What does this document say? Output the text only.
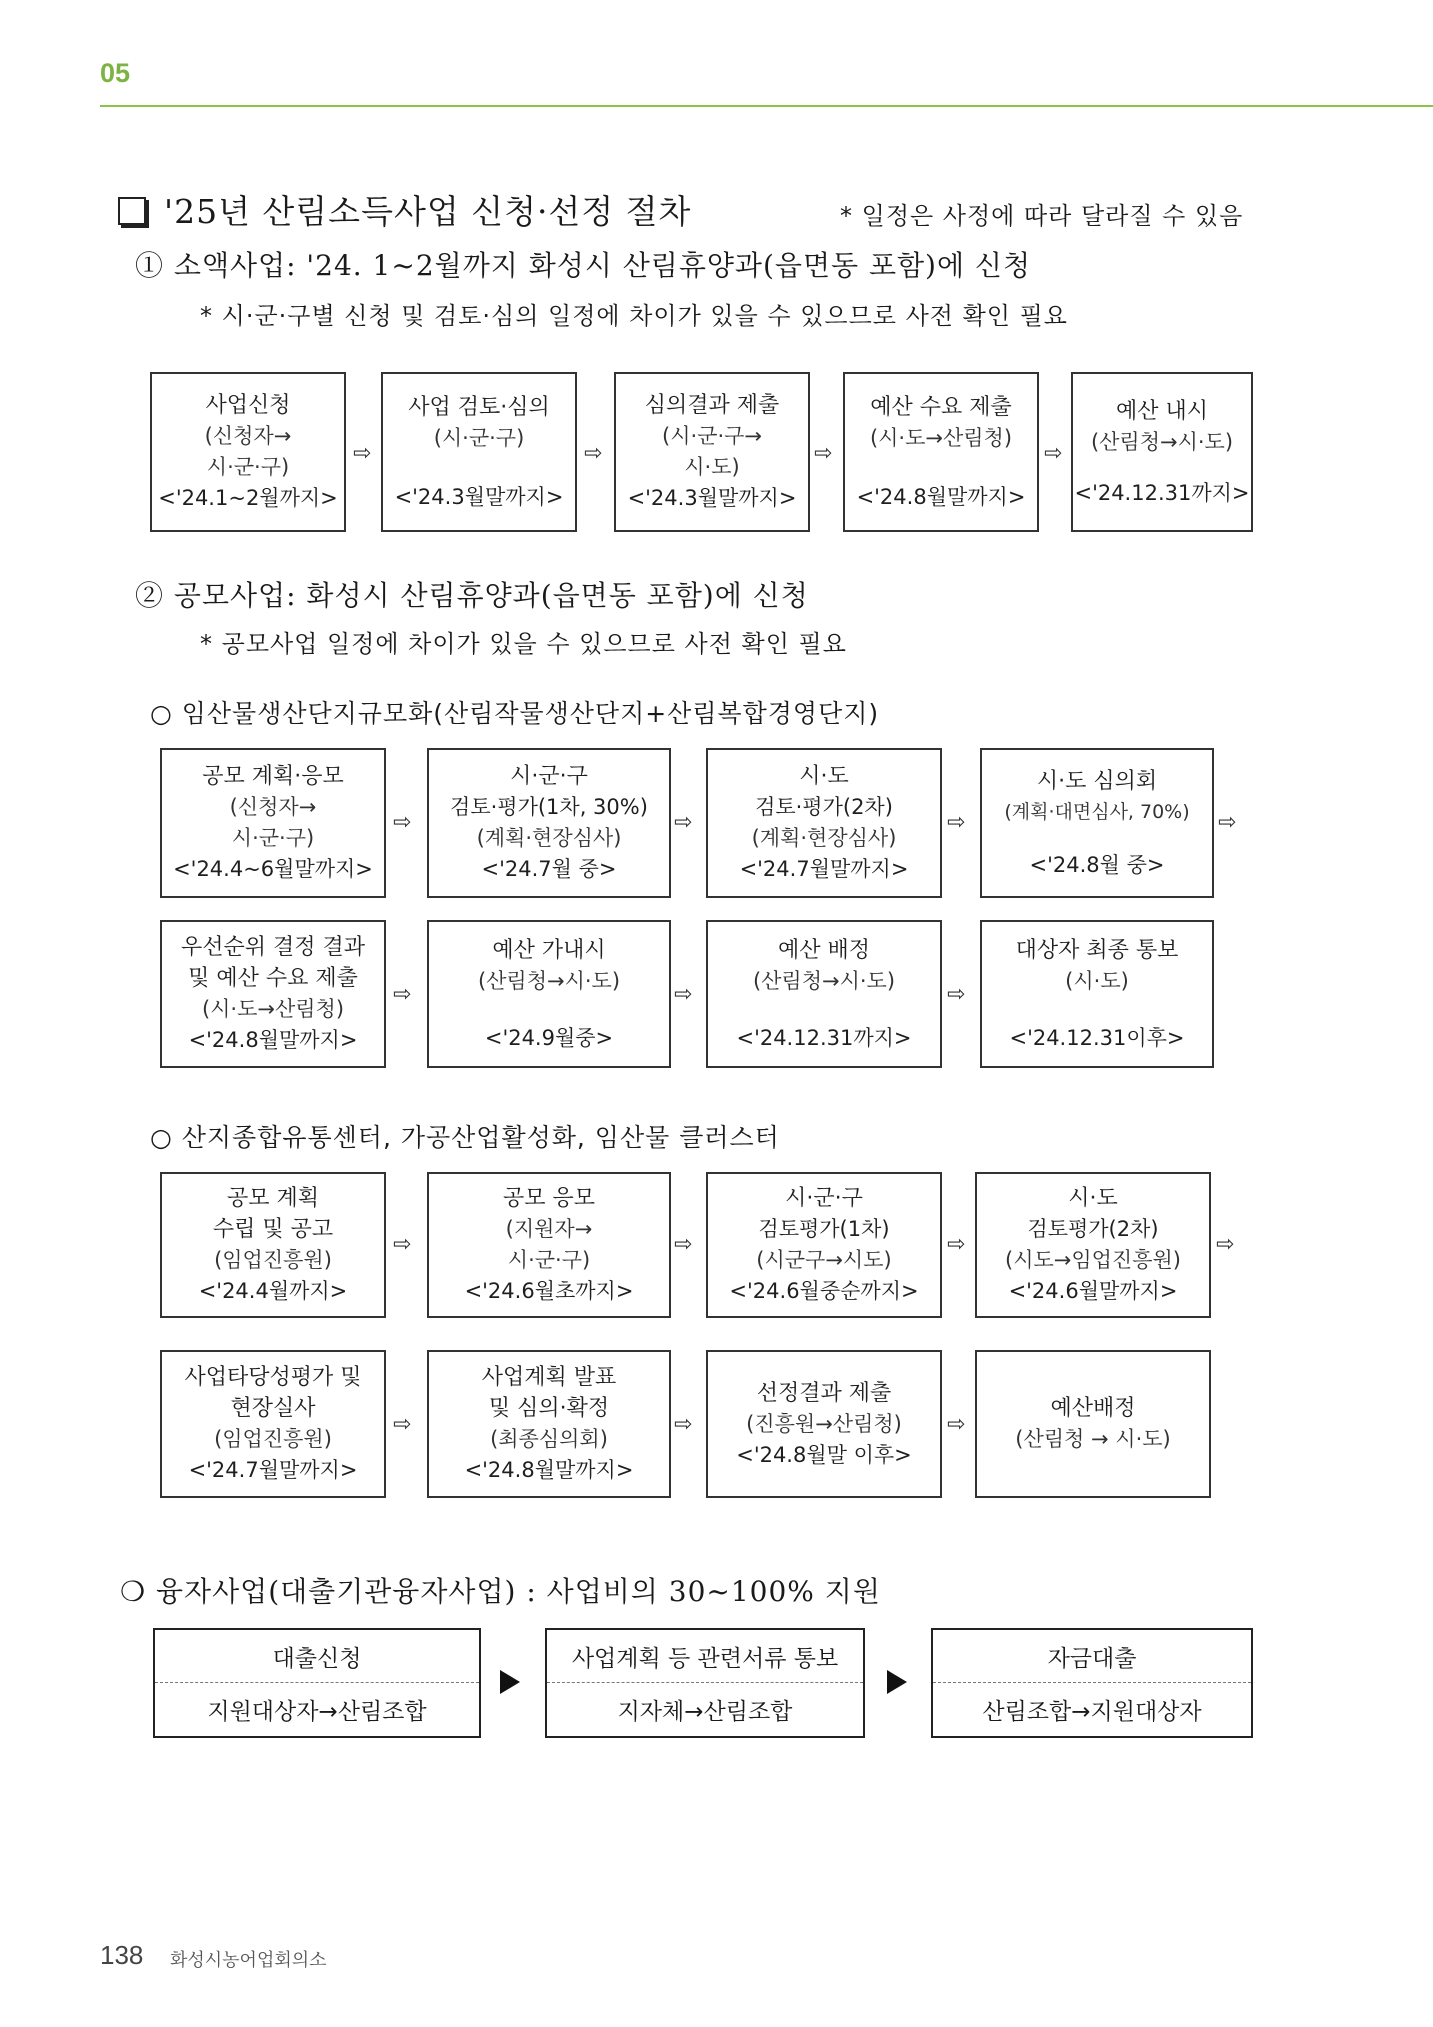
05
'25년 산림소득사업 신청·선정 절차	* 일정은 사정에 따라 달라질 수 있음
① 소액사업: '24. 1~2월까지 화성시 산림휴양과(읍면동 포함)에 신청
* 시·군·구별 신청 및 검토·심의 일정에 차이가 있을 수 있으므로 사전 확인 필요
사업신청
(신청자→
시·군·구)
<'24.1~2월까지>
⇨
사업 검토·심의
(시·군·구)
<'24.3월말까지>
⇨
심의결과 제출
(시·군·구→
시·도)
<'24.3월말까지>
⇨
예산 수요 제출
(시·도→산림청)
<'24.8월말까지>
⇨
예산 내시
(산림청→시·도)
<'24.12.31까지>
② 공모사업: 화성시 산림휴양과(읍면동 포함)에 신청
* 공모사업 일정에 차이가 있을 수 있으므로 사전 확인 필요
○ 임산물생산단지규모화(산림작물생산단지+산림복합경영단지)
공모 계획·응모
(신청자→
시·군·구)
<'24.4~6월말까지>
⇨
시·군·구
검토·평가(1차, 30%)
(계획·현장심사)
<'24.7월 중>
⇨
시·도
검토·평가(2차)
(계획·현장심사)
<'24.7월말까지>
⇨
시·도 심의회
(계획·대면심사, 70%)
<'24.8월 중>
⇨
우선순위 결정 결과
및 예산 수요 제출
(시·도→산림청)
<'24.8월말까지>
⇨
예산 가내시
(산림청→시·도)
<'24.9월중>
⇨
예산 배정
(산림청→시·도)
<'24.12.31까지>
⇨
대상자 최종 통보
(시·도)
<'24.12.31이후>
○ 산지종합유통센터, 가공산업활성화, 임산물 클러스터
공모 계획
수립 및 공고
(임업진흥원)
<'24.4월까지>
⇨
공모 응모
(지원자→
시·군·구)
<'24.6월초까지>
⇨
시·군·구
검토평가(1차)
(시군구→시도)
<'24.6월중순까지>
⇨
시·도
검토평가(2차)
(시도→임업진흥원)
<'24.6월말까지>
⇨
사업타당성평가 및
현장실사
(임업진흥원)
<'24.7월말까지>
⇨
사업계획 발표
및 심의·확정
(최종심의회)
<'24.8월말까지>
⇨
선정결과 제출
(진흥원→산림청)
<'24.8월말 이후>
⇨
예산배정
(산림청 → 시·도)
❍ 융자사업(대출기관융자사업) : 사업비의 30~100% 지원
대출신청
지원대상자→산림조합
사업계획 등 관련서류 통보
지자체→산림조합
자금대출
산림조합→지원대상자
138 화성시농어업회의소
